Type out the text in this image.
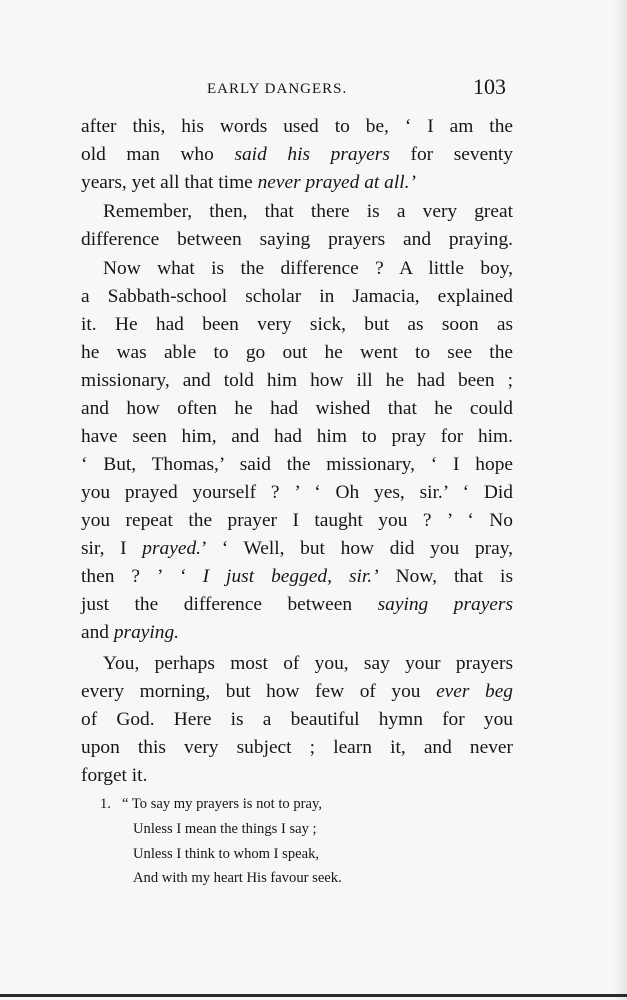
EARLY DANGERS.	103
after this, his words used to be, ‘ I am the
old man who said his prayers for seventy
years, yet all that time never prayed at all.’
Remember, then, that there is a very great
difference between saying prayers and praying.
Now what is the difference ? A little boy,
a Sabbath-school scholar in Jamacia, explained
it. He had been very sick, but as soon as
he was able to go out he went to see the
missionary, and told him how ill he had been ;
and how often he had wished that he could
have seen him, and had him to pray for him.
‘ But, Thomas,’ said the missionary, ‘ I hope
you prayed yourself ? ’ ‘ Oh yes, sir.’ ‘ Did
you repeat the prayer I taught you ? ’ ‘ No
sir, I prayed.’ ‘ Well, but how did you pray,
then ? ’ ‘ I just begged, sir.’ Now, that is
just the difference between saying prayers
and praying.
You, perhaps most of you, say your prayers
every morning, but how few of you ever beg
of God. Here is a beautiful hymn for you
upon this very subject ; learn it, and never
forget it.
1. “ To say my prayers is not to pray,
Unless I mean the things I say ;
Unless I think to whom I speak,
And with my heart His favour seek.
